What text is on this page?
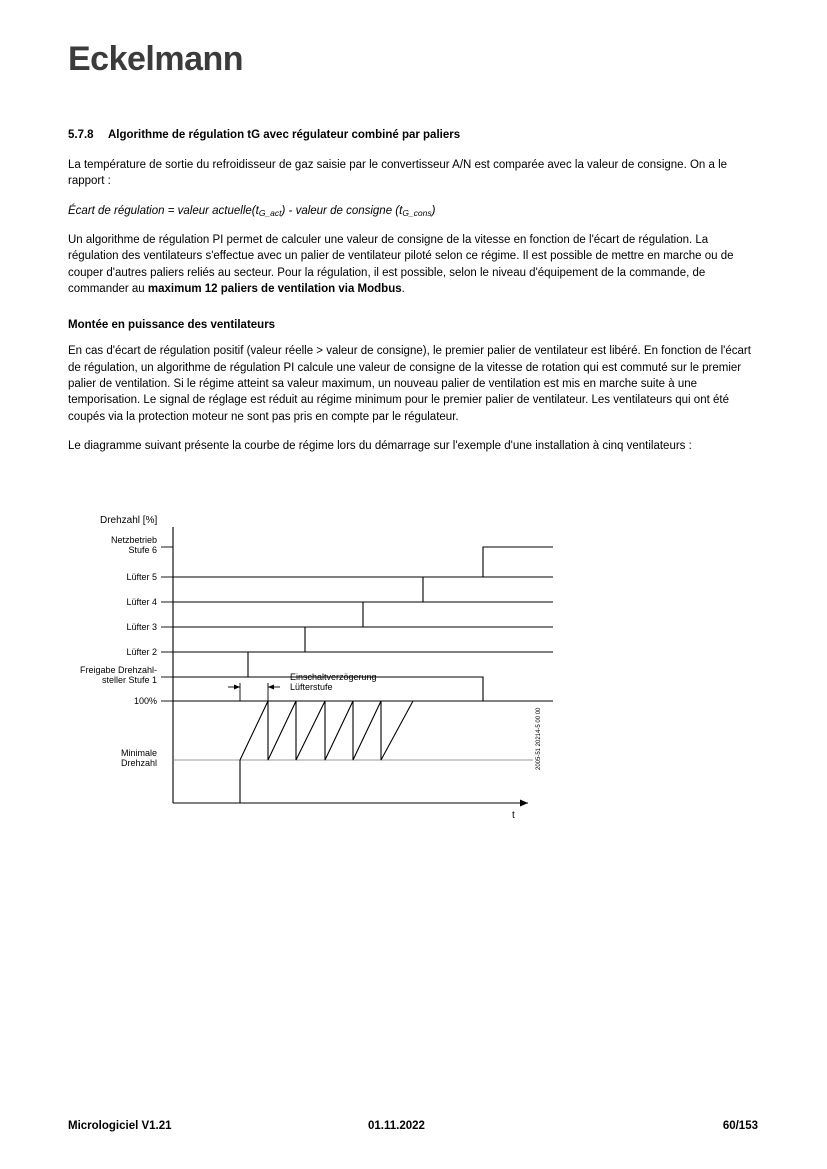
Eckelmann
5.7.8 Algorithme de régulation tG avec régulateur combiné par paliers

La température de sortie du refroidisseur de gaz saisie par le convertisseur A/N est comparée avec la valeur de consigne. On a le rapport :

Écart de régulation = valeur $actuelle(t_{G\_act})$ - valeur de consigne $(t_{G\_cons})$

Un algorithme de régulation PI permet de calculer une valeur de consigne de la vitesse en fonction de l'écart de régulation. La régulation des ventilateurs s'effectue avec un palier de ventilateur piloté selon ce régime. Il est possible de mettre en marche ou de couper d'autres paliers reliés au secteur. Pour la régulation, il est possible, selon le niveau d'équipement de la commande, de commander au maximum 12 paliers de ventilation via Modbus.

Montée en puissance des ventilateurs

En cas d'écart de régulation positif (valeur réelle > valeur de consigne), le premier palier de ventilateur est libéré. En fonction de l'écart de régulation, un algorithme de régulation PI calcule une valeur de consigne de la vitesse de rotation qui est commuté sur le premier palier de ventilation. Si le régime atteint sa valeur maximum, un nouveau palier de ventilation est mis en marche suite à une temporisation. Le signal de réglage est réduit au régime minimum pour le premier palier de ventilateur. Les ventilateurs qui ont été coupés via la protection moteur ne sont pas pris en compte par le régulateur.

Le diagramme suivant présente la courbe de régime lors du démarrage sur l'exemple d'une installation à cinq ventilateurs :

Drehzahl [%]
t
Netzbetrieb
Stufe 6
Lüfter 5
Lüfter 4
Lüfter 3
Lüfter 2
Freigabe Drehzahl-
steller Stufe 1
100%
Minimale
Drehzahl
Einschaltverzögerung
Lüfterstufe
2005-51 20214-5 00 00
Micrologiciel V1.21	01.11.2022	60/153
